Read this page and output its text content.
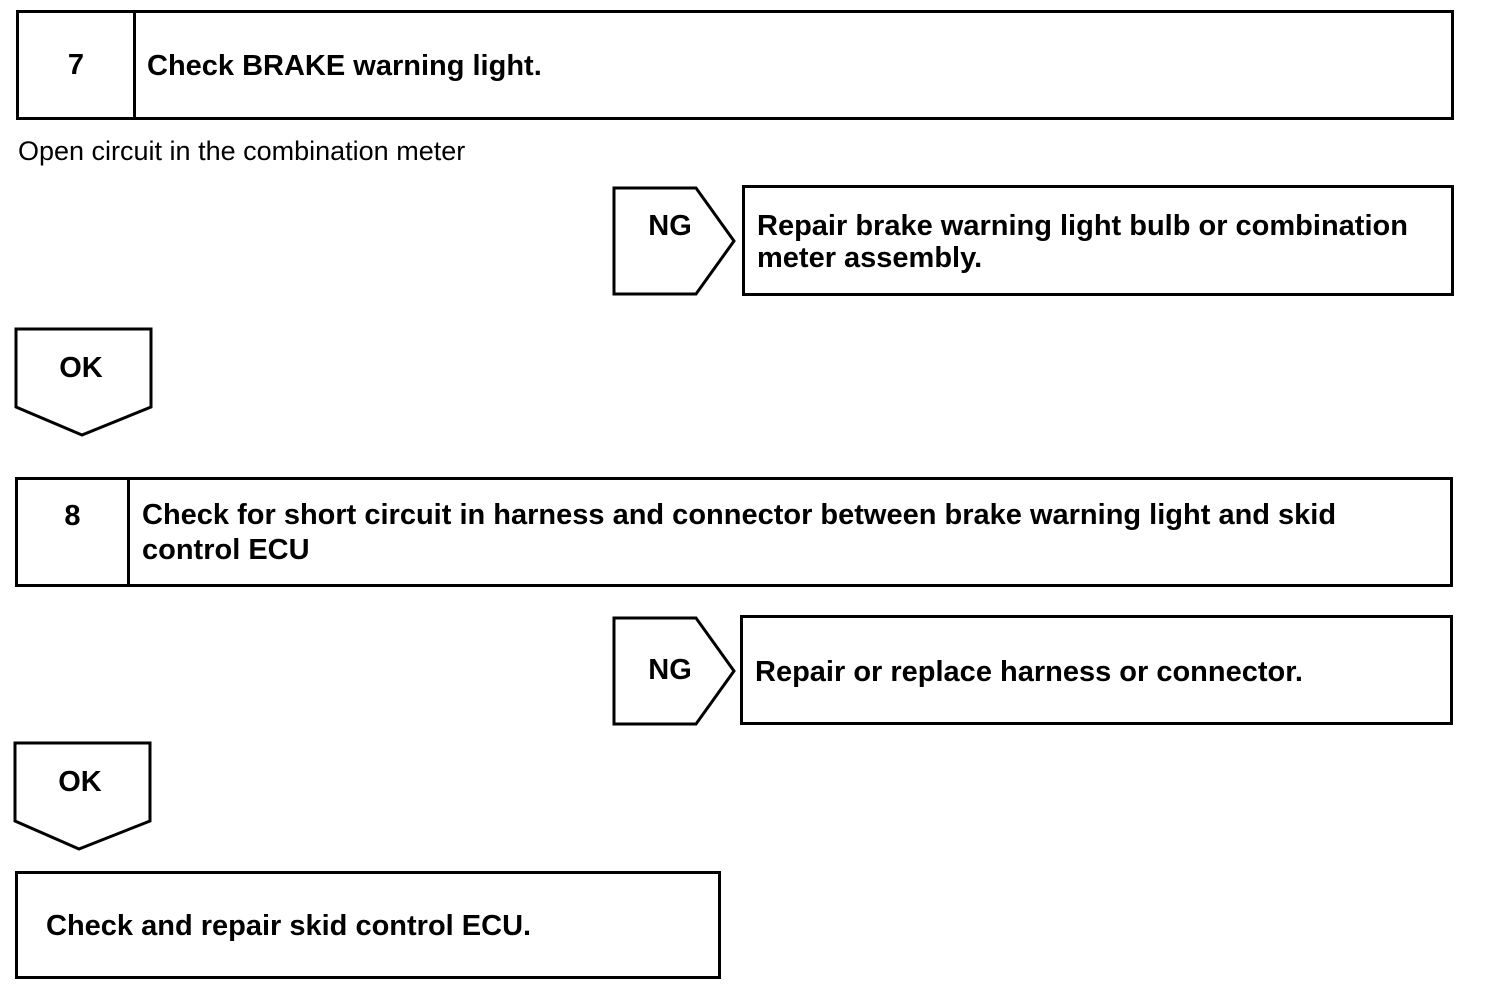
7	Check BRAKE warning light.
Open circuit in the combination meter
NG	Repair brake warning light bulb or combination meter assembly.
OK
8	Check for short circuit in harness and connector between brake warning light and skid control ECU
NG	Repair or replace harness or connector.
OK
Check and repair skid control ECU.
